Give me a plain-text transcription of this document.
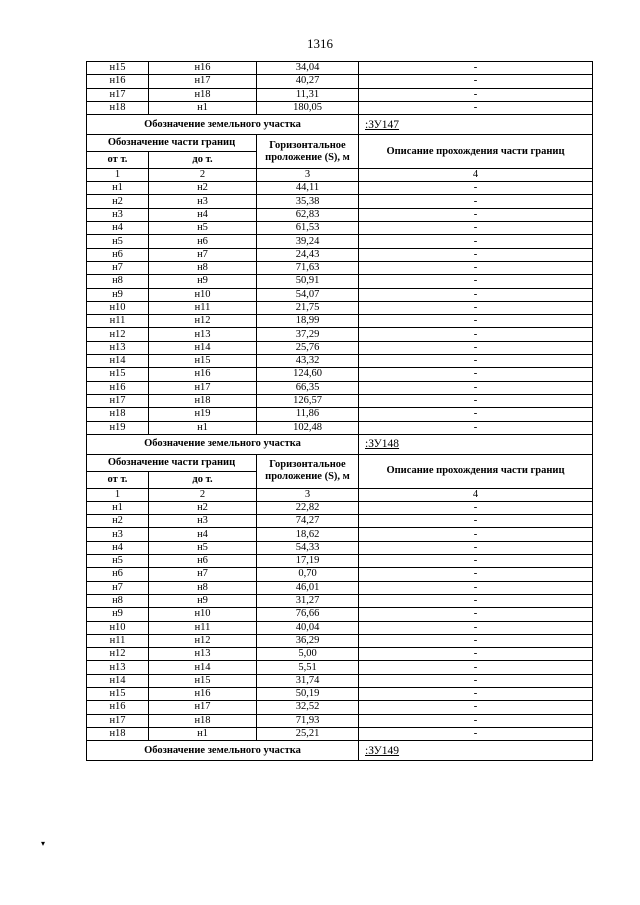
1316
н15	н16	34,04	-
н16	н17	40,27	-
н17	н18	11,31	-
н18	н1	180,05	-
Обозначение земельного участка			:ЗУ147
Обозначение части границ		Горизонтальное проложение (S), м	Описание прохождения части границ
от т.	до т.		
1	2	3	4
н1	н2	44,11	-
н2	н3	35,38	-
н3	н4	62,83	-
н4	н5	61,53	-
н5	н6	39,24	-
н6	н7	24,43	-
н7	н8	71,63	-
н8	н9	50,91	-
н9	н10	54,07	-
н10	н11	21,75	-
н11	н12	18,99	-
н12	н13	37,29	-
н13	н14	25,76	-
н14	н15	43,32	-
н15	н16	124,60	-
н16	н17	66,35	-
н17	н18	126,57	-
н18	н19	11,86	-
н19	н1	102,48	-
Обозначение земельного участка			:ЗУ148
Обозначение части границ		Горизонтальное проложение (S), м	Описание прохождения части границ
от т.	до т.		
1	2	3	4
н1	н2	22,82	-
н2	н3	74,27	-
н3	н4	18,62	-
н4	н5	54,33	-
н5	н6	17,19	-
н6	н7	0,70	-
н7	н8	46,01	-
н8	н9	31,27	-
н9	н10	76,66	-
н10	н11	40,04	-
н11	н12	36,29	-
н12	н13	5,00	-
н13	н14	5,51	-
н14	н15	31,74	-
н15	н16	50,19	-
н16	н17	32,52	-
н17	н18	71,93	-
н18	н1	25,21	-
Обозначение земельного участка			:ЗУ149
▾
